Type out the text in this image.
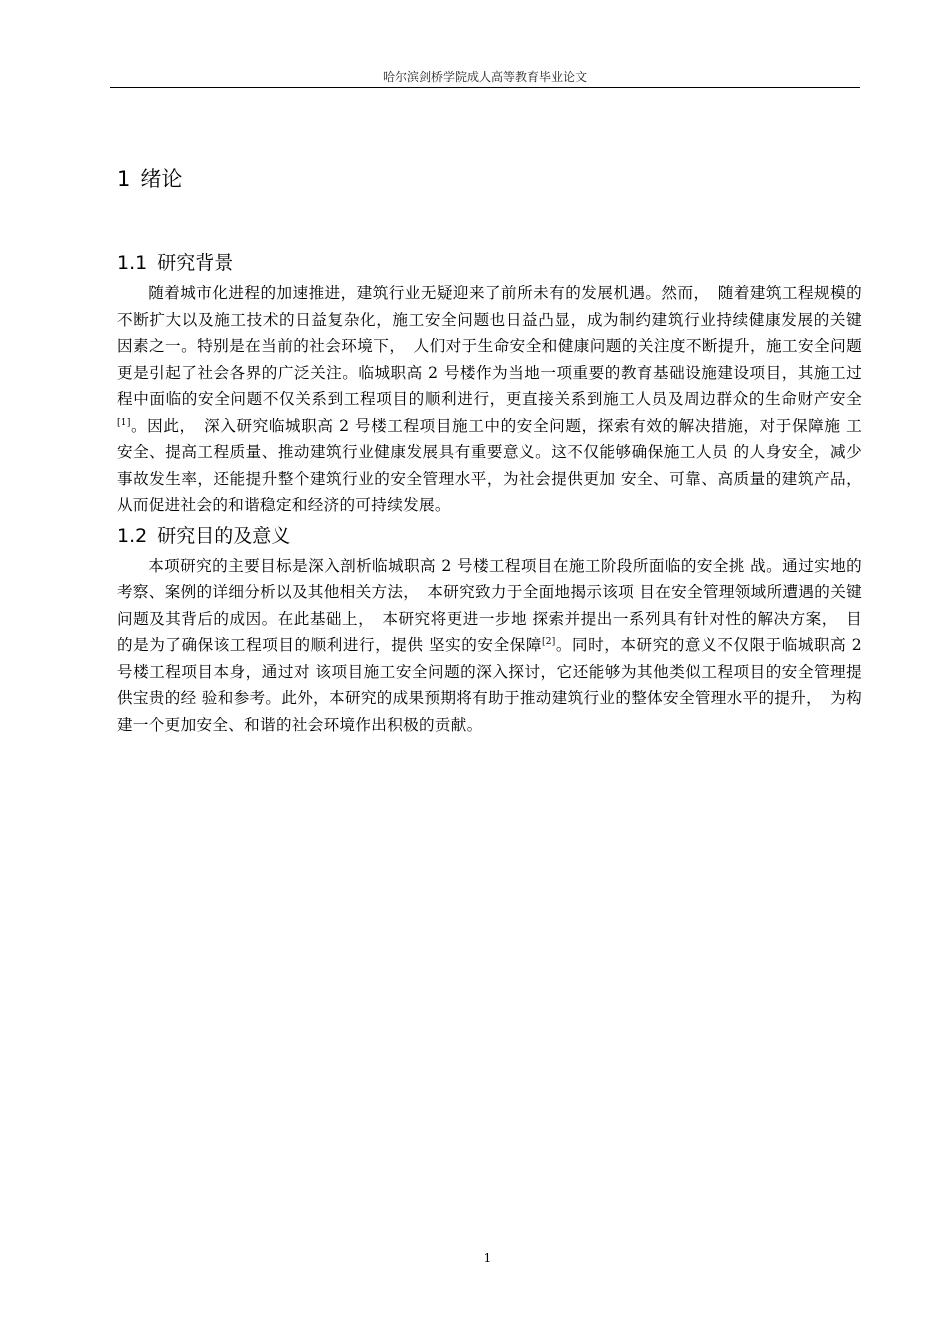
哈尔滨剑桥学院成人高等教育毕业论文
1 绪论
1.1 研究背景

随着城市化进程的加速推进，建筑行业无疑迎来了前所未有的发展机遇。然而，　随着建筑工程规模的不断扩大以及施工技术的日益复杂化，施工安全问题也日益凸显，成为制约建筑行业持续健康发展的关键因素之一。特别是在当前的社会环境下，　人们对于生命安全和健康问题的关注度不断提升，施工安全问题更是引起了社会各界的广泛关注。临城职高 2 号楼作为当地一项重要的教育基础设施建设项目，其施工过程中面临的安全问题不仅关系到工程项目的顺利进行，更直接关系到施工人员及周边群众的生命财产安全[1]。因此，　深入研究临城职高 2 号楼工程项目施工中的安全问题，探索有效的解决措施，对于保障施 工安全、提高工程质量、推动建筑行业健康发展具有重要意义。这不仅能够确保施工人员 的人身安全，减少事故发生率，还能提升整个建筑行业的安全管理水平，为社会提供更加 安全、可靠、高质量的建筑产品，从而促进社会的和谐稳定和经济的可持续发展。

1.2 研究目的及意义

本项研究的主要目标是深入剖析临城职高 2 号楼工程项目在施工阶段所面临的安全挑 战。通过实地的考察、案例的详细分析以及其他相关方法，　本研究致力于全面地揭示该项 目在安全管理领域所遭遇的关键问题及其背后的成因。在此基础上，　本研究将更进一步地 探索并提出一系列具有针对性的解决方案，　目的是为了确保该工程项目的顺利进行，提供 坚实的安全保障[2]。同时，本研究的意义不仅限于临城职高 2 号楼工程项目本身，通过对 该项目施工安全问题的深入探讨，它还能够为其他类似工程项目的安全管理提供宝贵的经 验和参考。此外，本研究的成果预期将有助于推动建筑行业的整体安全管理水平的提升，　为构建一个更加安全、和谐的社会环境作出积极的贡献。

1
